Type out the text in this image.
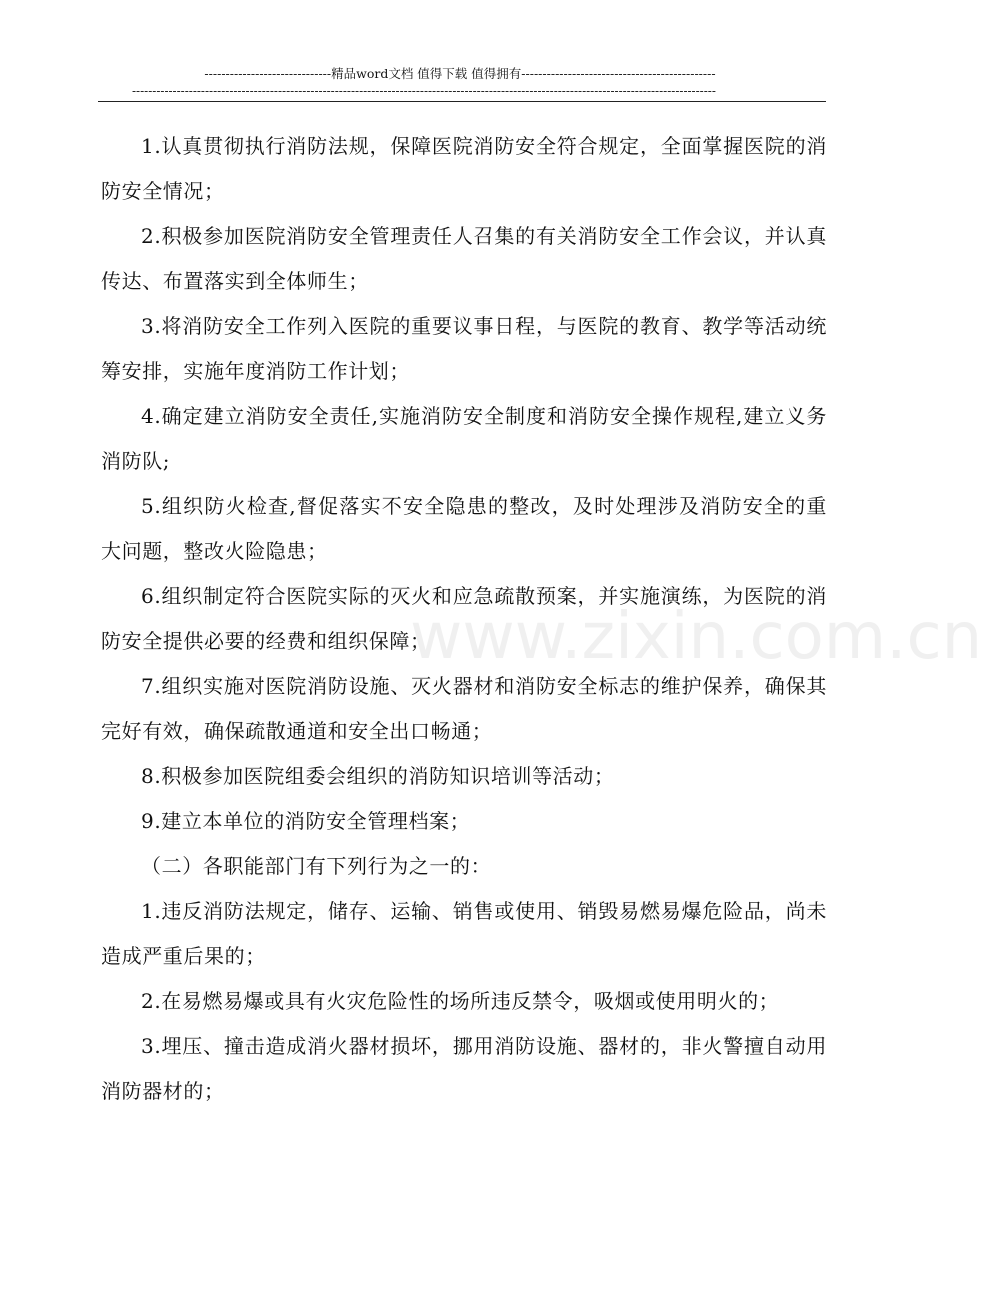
------------------------------精品word文档 值得下载 值得拥有----------------------------------------------
------------------------------------------------------------------------------------------------------------------------------------------------
www.zixin.com.cn

1.认真贯彻执行消防法规，保障医院消防安全符合规定，全面掌握医院的消防安全情况；

2.积极参加医院消防安全管理责任人召集的有关消防安全工作会议，并认真传达、布置落实到全体师生；

3.将消防安全工作列入医院的重要议事日程，与医院的教育、教学等活动统筹安排，实施年度消防工作计划；

4.确定建立消防安全责任,实施消防安全制度和消防安全操作规程,建立义务消防队;

5.组织防火检查,督促落实不安全隐患的整改，及时处理涉及消防安全的重大问题，整改火险隐患；

6.组织制定符合医院实际的灭火和应急疏散预案，并实施演练，为医院的消防安全提供必要的经费和组织保障；

7.组织实施对医院消防设施、灭火器材和消防安全标志的维护保养，确保其完好有效，确保疏散通道和安全出口畅通；

8.积极参加医院组委会组织的消防知识培训等活动；

9.建立本单位的消防安全管理档案；

（二）各职能部门有下列行为之一的：

1.违反消防法规定，储存、运输、销售或使用、销毁易燃易爆危险品，尚未造成严重后果的；

2.在易燃易爆或具有火灾危险性的场所违反禁令，吸烟或使用明火的；

3.埋压、撞击造成消火器材损坏，挪用消防设施、器材的，非火警擅自动用消防器材的；
